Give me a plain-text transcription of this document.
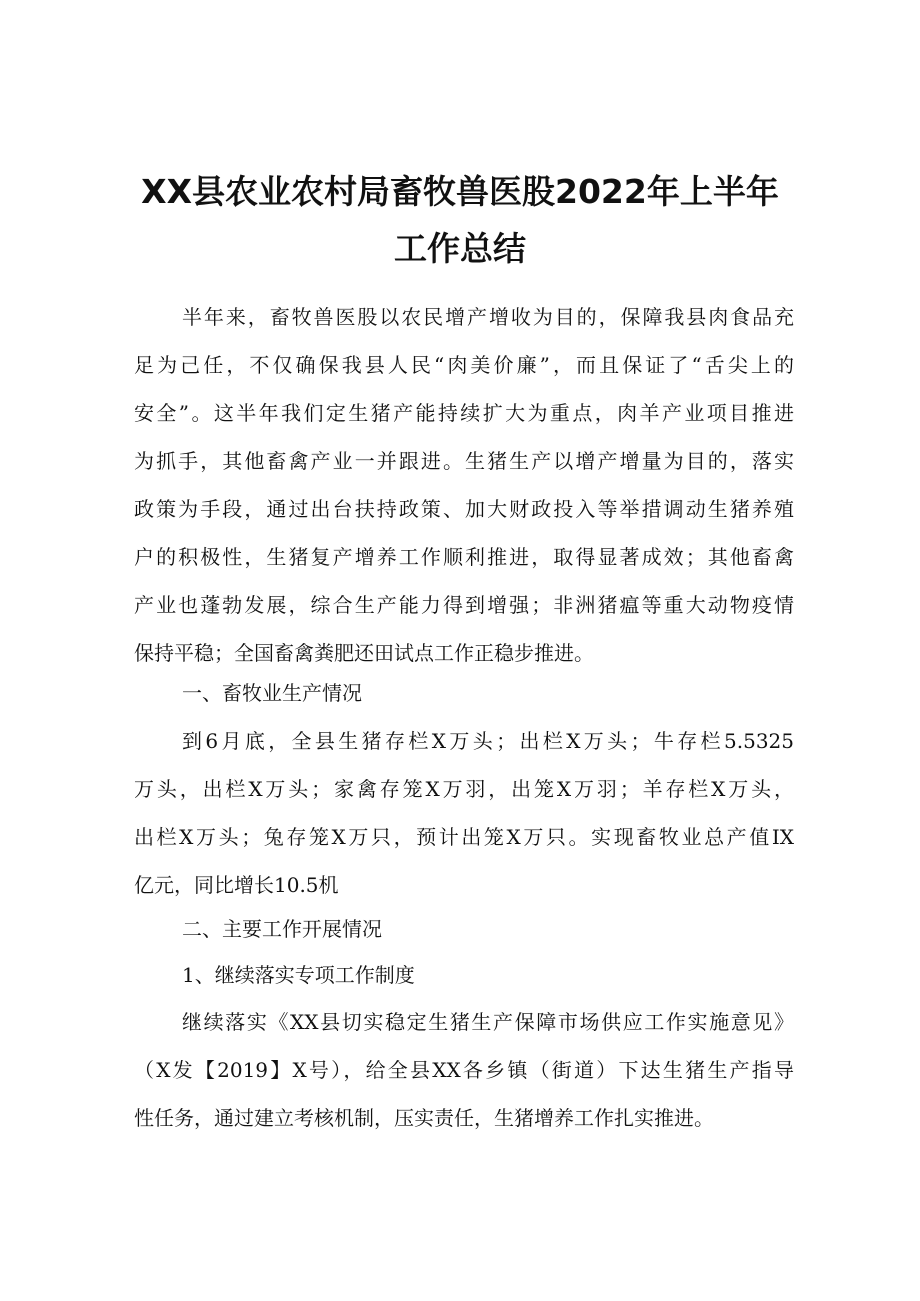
XX县农业农村局畜牧兽医股2022年上半年
工作总结
半年来，畜牧兽医股以农民增产增收为目的，保障我县肉食品充
足为己任，不仅确保我县人民“肉美价廉”，而且保证了“舌尖上的
安全”。这半年我们定生猪产能持续扩大为重点，肉羊产业项目推进
为抓手，其他畜禽产业一并跟进。生猪生产以增产增量为目的，落实
政策为手段，通过出台扶持政策、加大财政投入等举措调动生猪养殖
户的积极性，生猪复产增养工作顺利推进，取得显著成效；其他畜禽
产业也蓬勃发展，综合生产能力得到增强；非洲猪瘟等重大动物疫情
保持平稳；全国畜禽粪肥还田试点工作正稳步推进。
一、畜牧业生产情况
到6月底，全县生猪存栏X万头；出栏X万头；牛存栏5.5325
万头，出栏X万头；家禽存笼X万羽，出笼X万羽；羊存栏X万头，
出栏X万头；兔存笼X万只，预计出笼X万只。实现畜牧业总产值IX
亿元，同比增长10.5机
二、主要工作开展情况
1、继续落实专项工作制度
继续落实《XX县切实稳定生猪生产保障市场供应工作实施意见》
（X发【2019】X号），给全县XX各乡镇（街道）下达生猪生产指导
性任务，通过建立考核机制，压实责任，生猪增养工作扎实推进。
